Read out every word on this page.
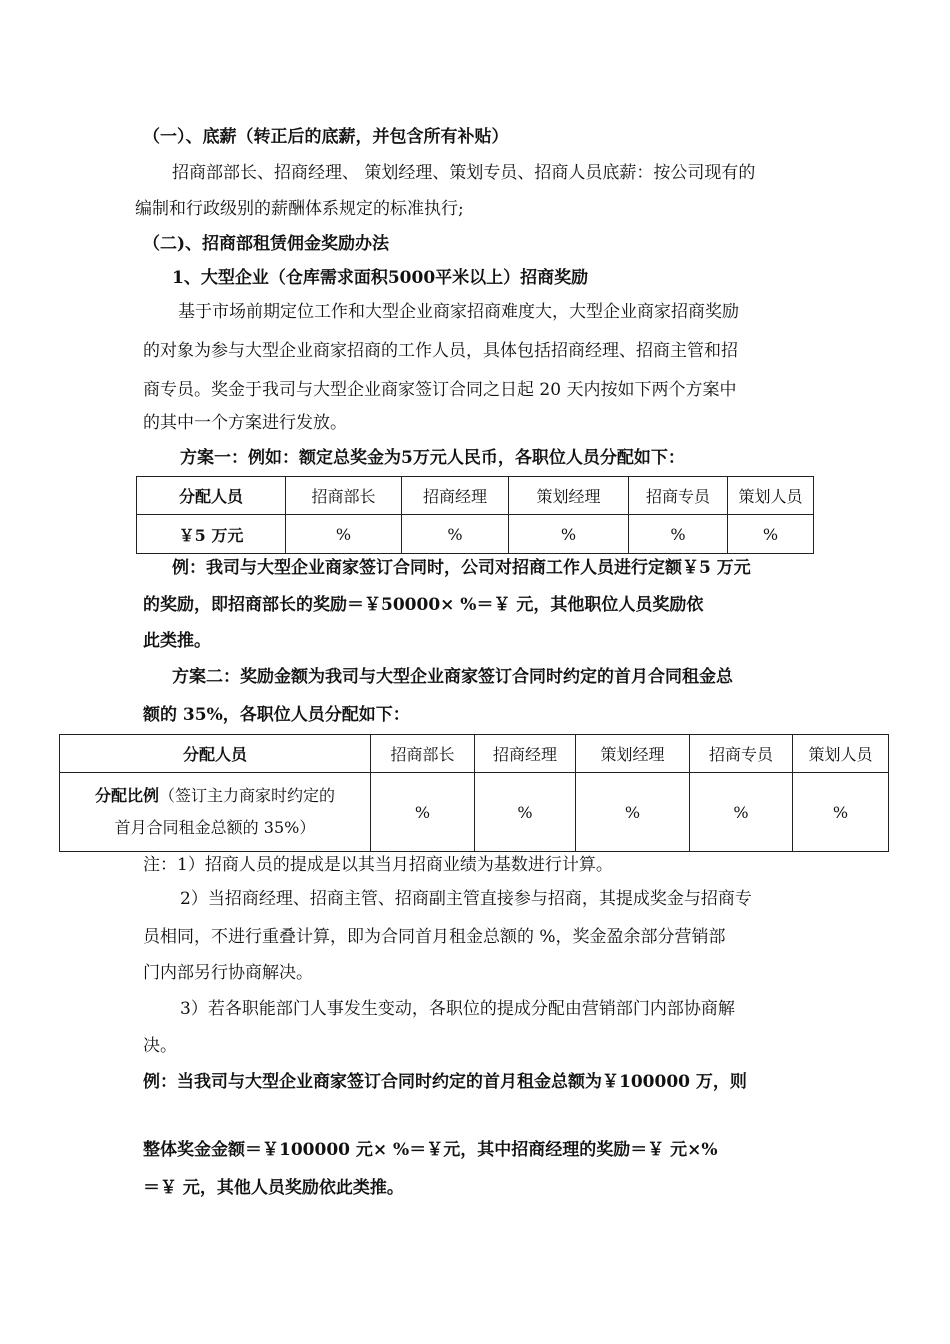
（一）、底薪（转正后的底薪，并包含所有补贴）
招商部部长、招商经理、 策划经理、策划专员、招商人员底薪：按公司现有的
编制和行政级别的薪酬体系规定的标准执行;
（二)、招商部租赁佣金奖励办法
1、大型企业（仓库需求面积5000平米以上）招商奖励
基于市场前期定位工作和大型企业商家招商难度大，大型企业商家招商奖励
的对象为参与大型企业商家招商的工作人员，具体包括招商经理、招商主管和招
商专员。奖金于我司与大型企业商家签订合同之日起 20 天内按如下两个方案中
的其中一个方案进行发放。
方案一：例如：额定总奖金为5万元人民币，各职位人员分配如下：
分配人员	招商部长	招商经理	策划经理	招商专员	策划人员
￥5 万元	%	%	%	%	%
例：我司与大型企业商家签订合同时，公司对招商工作人员进行定额￥5 万元
的奖励，即招商部长的奖励＝￥50000× %＝￥ 元，其他职位人员奖励依
此类推。
方案二：奖励金额为我司与大型企业商家签订合同时约定的首月合同租金总
额的 35%，各职位人员分配如下：
分配人员	招商部长	招商经理	策划经理	招商专员	策划人员
分配比例（签订主力商家时约定的
首月合同租金总额的 35%）	%	%	%	%	%
注：1）招商人员的提成是以其当月招商业绩为基数进行计算。
2）当招商经理、招商主管、招商副主管直接参与招商，其提成奖金与招商专
员相同，不进行重叠计算，即为合同首月租金总额的 %，奖金盈余部分营销部
门内部另行协商解决。
3）若各职能部门人事发生变动，各职位的提成分配由营销部门内部协商解
决。
例：当我司与大型企业商家签订合同时约定的首月租金总额为￥100000 万，则
整体奖金金额＝￥100000 元× %＝￥元，其中招商经理的奖励＝￥ 元×%
＝￥ 元，其他人员奖励依此类推。
